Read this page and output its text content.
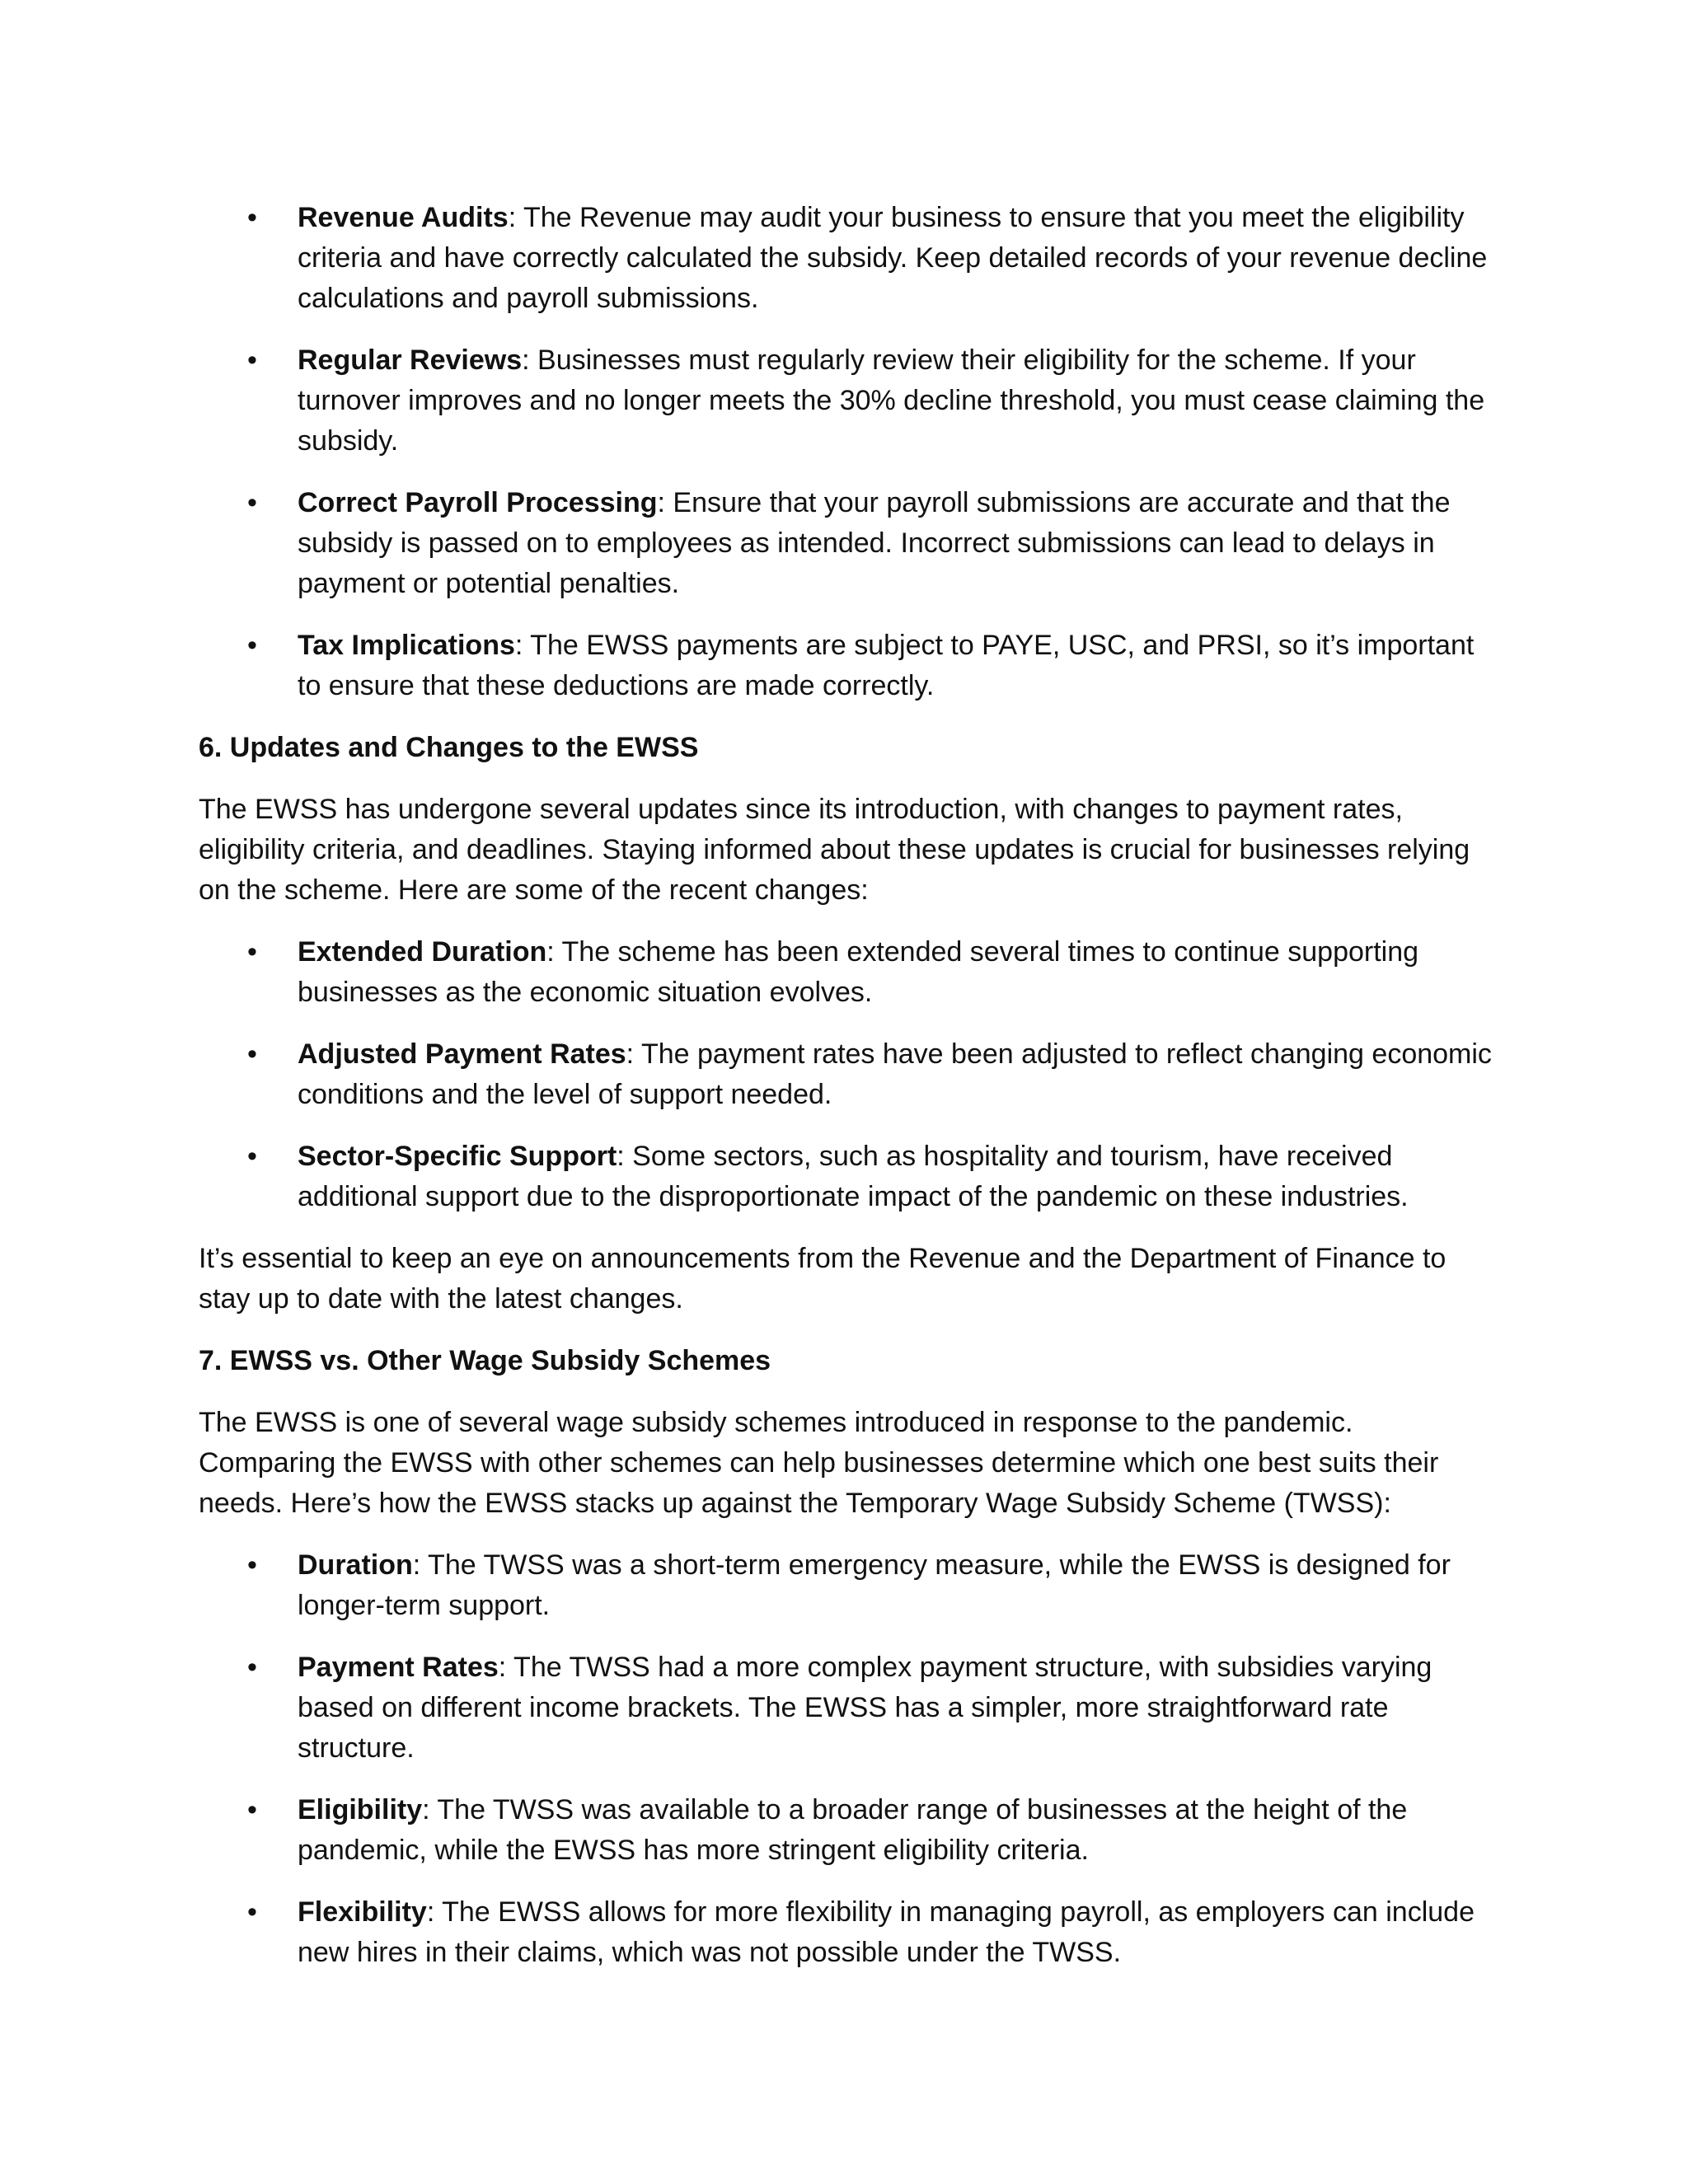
• Revenue Audits: The Revenue may audit your business to ensure that you meet the eligibility criteria and have correctly calculated the subsidy. Keep detailed records of your revenue decline calculations and payroll submissions.
• Regular Reviews: Businesses must regularly review their eligibility for the scheme. If your turnover improves and no longer meets the 30% decline threshold, you must cease claiming the subsidy.
• Correct Payroll Processing: Ensure that your payroll submissions are accurate and that the subsidy is passed on to employees as intended. Incorrect submissions can lead to delays in payment or potential penalties.
• Tax Implications: The EWSS payments are subject to PAYE, USC, and PRSI, so it’s important to ensure that these deductions are made correctly.
6. Updates and Changes to the EWSS

The EWSS has undergone several updates since its introduction, with changes to payment rates, eligibility criteria, and deadlines. Staying informed about these updates is crucial for businesses relying on the scheme. Here are some of the recent changes:

• Extended Duration: The scheme has been extended several times to continue supporting businesses as the economic situation evolves.
• Adjusted Payment Rates: The payment rates have been adjusted to reflect changing economic conditions and the level of support needed.
• Sector-Specific Support: Some sectors, such as hospitality and tourism, have received additional support due to the disproportionate impact of the pandemic on these industries.

It’s essential to keep an eye on announcements from the Revenue and the Department of Finance to stay up to date with the latest changes.

7. EWSS vs. Other Wage Subsidy Schemes

The EWSS is one of several wage subsidy schemes introduced in response to the pandemic. Comparing the EWSS with other schemes can help businesses determine which one best suits their needs. Here’s how the EWSS stacks up against the Temporary Wage Subsidy Scheme (TWSS):

• Duration: The TWSS was a short-term emergency measure, while the EWSS is designed for longer-term support.
• Payment Rates: The TWSS had a more complex payment structure, with subsidies varying based on different income brackets. The EWSS has a simpler, more straightforward rate structure.
• Eligibility: The TWSS was available to a broader range of businesses at the height of the pandemic, while the EWSS has more stringent eligibility criteria.
• Flexibility: The EWSS allows for more flexibility in managing payroll, as employers can include new hires in their claims, which was not possible under the TWSS.
